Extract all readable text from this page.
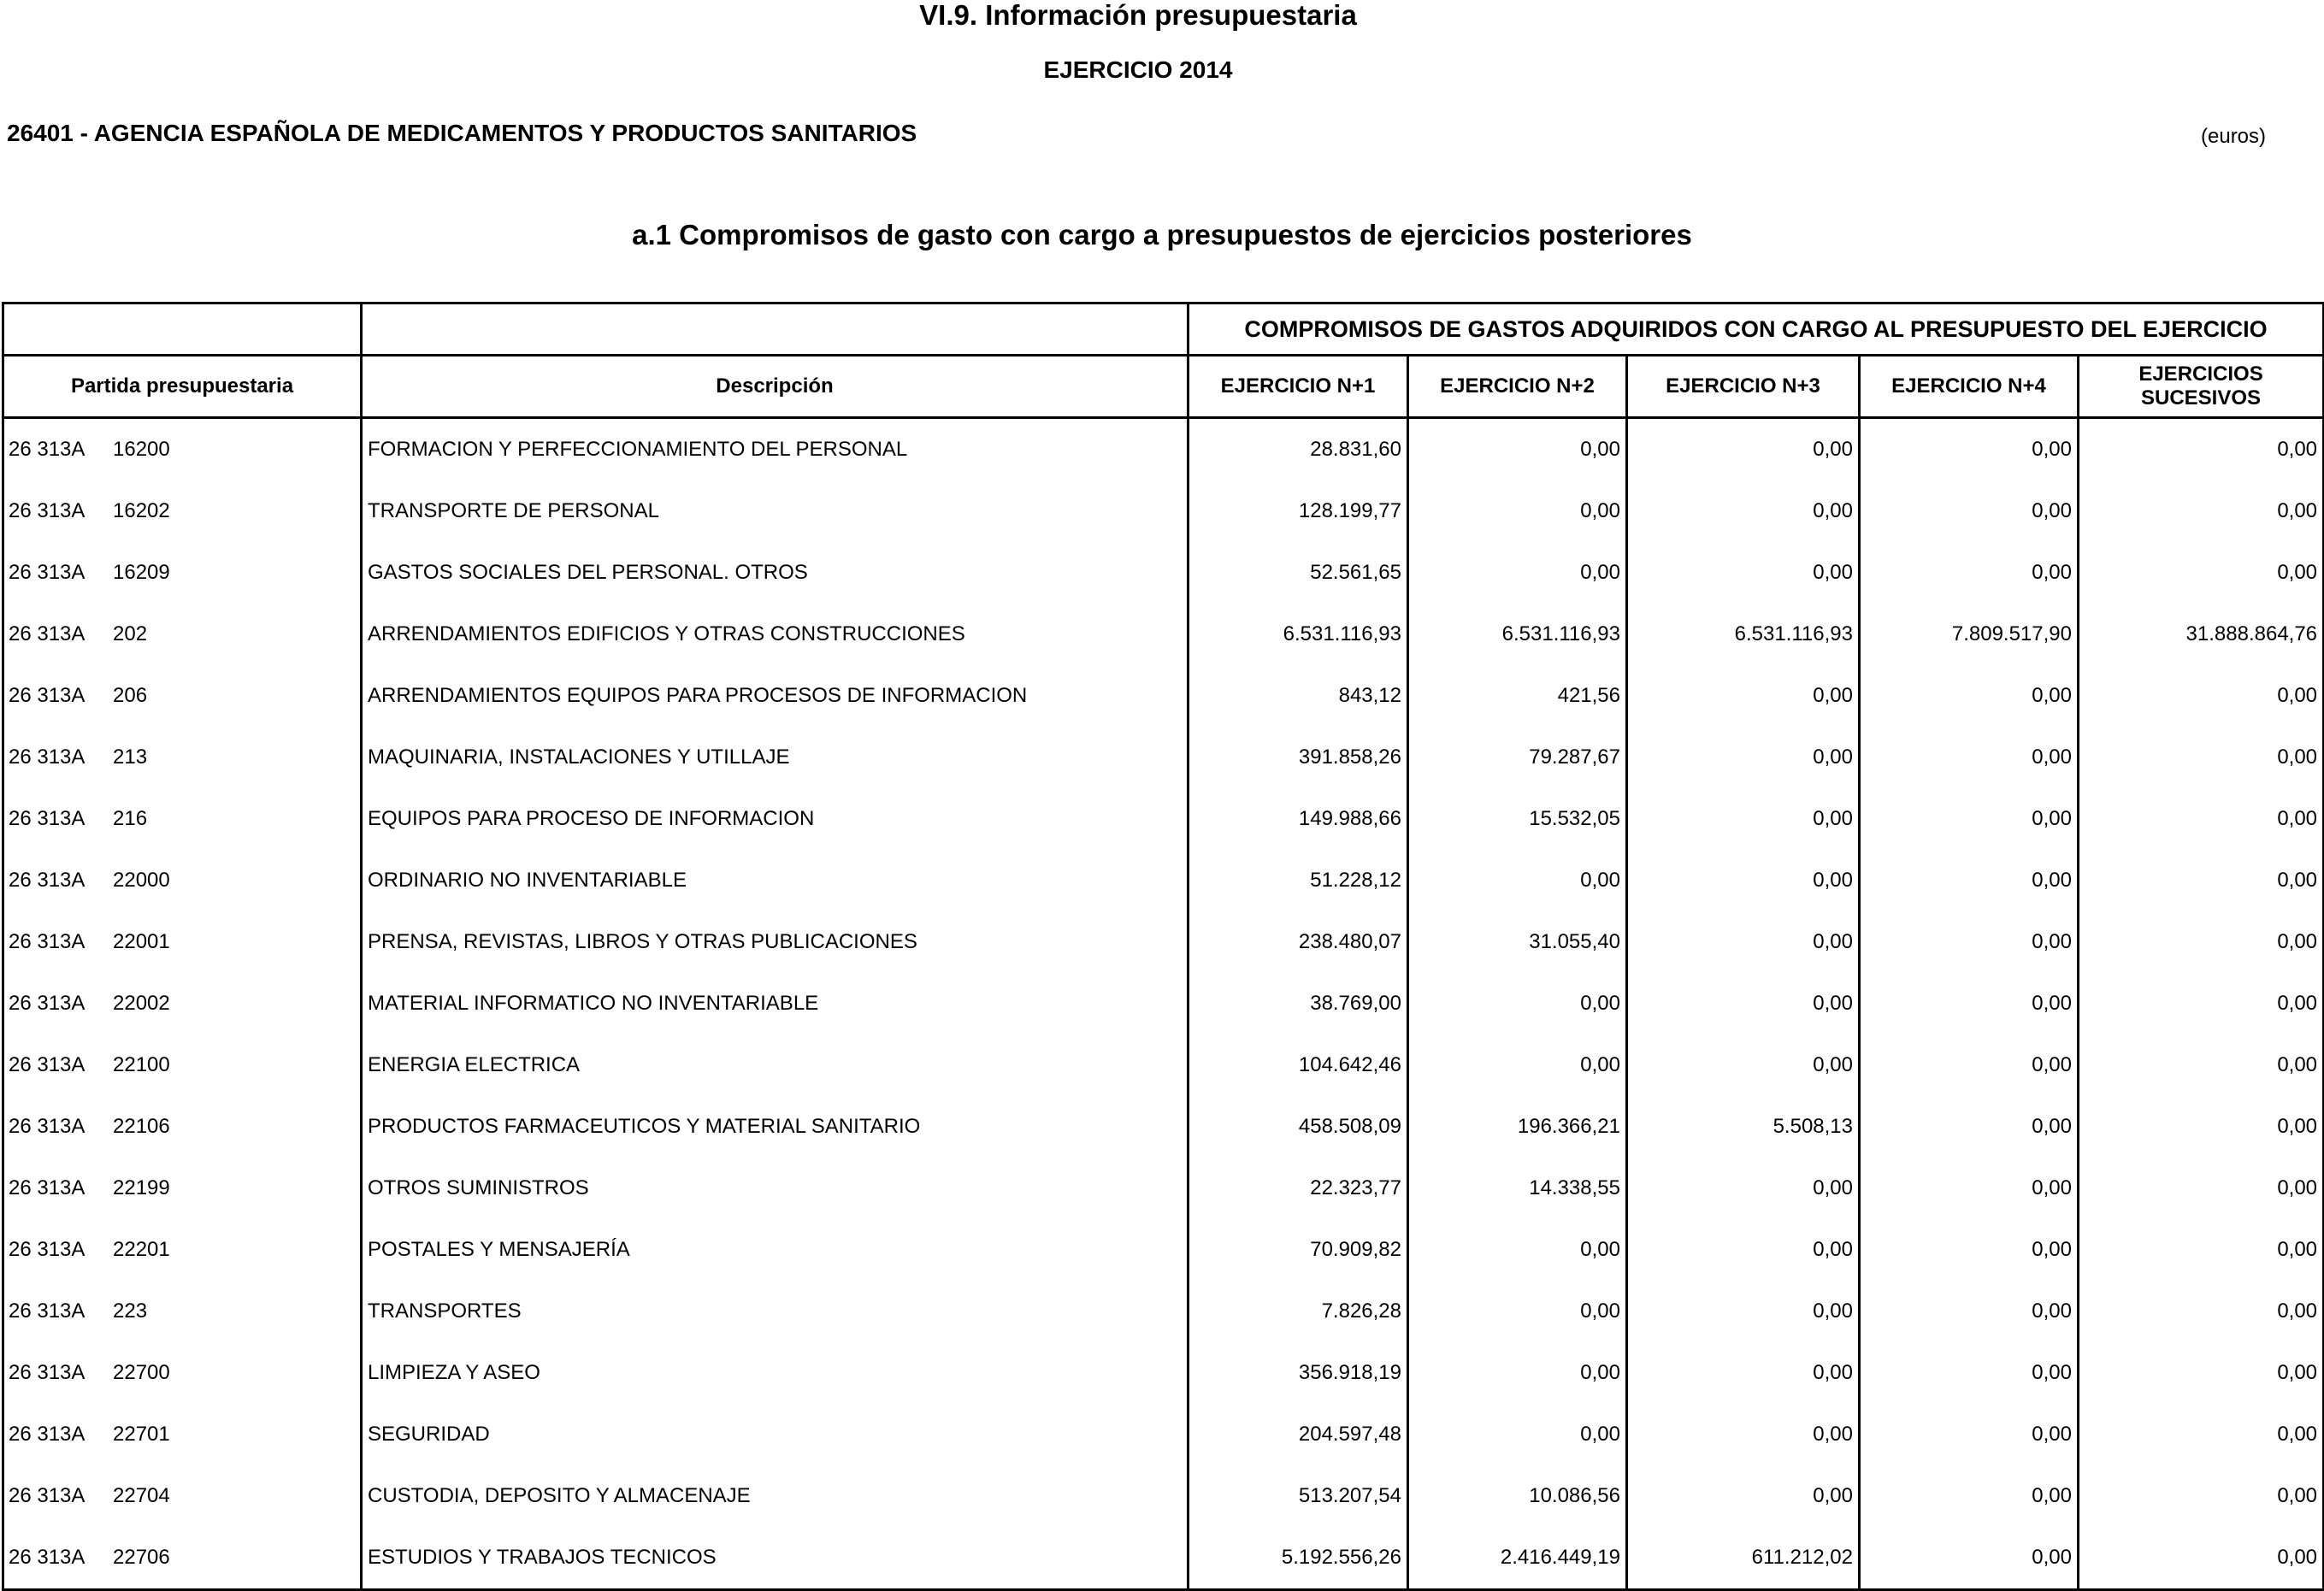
VI.9. Información presupuestaria
EJERCICIO 2014
26401 - AGENCIA ESPAÑOLA DE MEDICAMENTOS Y PRODUCTOS SANITARIOS	(euros)
a.1 Compromisos de gasto con cargo a presupuestos de ejercicios posteriores
		COMPROMISOS DE GASTOS ADQUIRIDOS CON CARGO AL PRESUPUESTO DEL EJERCICIO				
Partida presupuestaria	Descripción	EJERCICIO N+1	EJERCICIO N+2	EJERCICIO N+3	EJERCICIO N+4	EJERCICIOS SUCESIVOS
26 313A 16200	FORMACION Y PERFECCIONAMIENTO DEL PERSONAL	28.831,60	0,00	0,00	0,00	0,00
26 313A 16202	TRANSPORTE DE PERSONAL	128.199,77	0,00	0,00	0,00	0,00
26 313A 16209	GASTOS SOCIALES DEL PERSONAL. OTROS	52.561,65	0,00	0,00	0,00	0,00
26 313A 202	ARRENDAMIENTOS EDIFICIOS Y OTRAS CONSTRUCCIONES	6.531.116,93	6.531.116,93	6.531.116,93	7.809.517,90	31.888.864,76
26 313A 206	ARRENDAMIENTOS EQUIPOS PARA PROCESOS DE INFORMACION	843,12	421,56	0,00	0,00	0,00
26 313A 213	MAQUINARIA, INSTALACIONES Y UTILLAJE	391.858,26	79.287,67	0,00	0,00	0,00
26 313A 216	EQUIPOS PARA PROCESO DE INFORMACION	149.988,66	15.532,05	0,00	0,00	0,00
26 313A 22000	ORDINARIO NO INVENTARIABLE	51.228,12	0,00	0,00	0,00	0,00
26 313A 22001	PRENSA, REVISTAS, LIBROS Y OTRAS PUBLICACIONES	238.480,07	31.055,40	0,00	0,00	0,00
26 313A 22002	MATERIAL INFORMATICO NO INVENTARIABLE	38.769,00	0,00	0,00	0,00	0,00
26 313A 22100	ENERGIA ELECTRICA	104.642,46	0,00	0,00	0,00	0,00
26 313A 22106	PRODUCTOS FARMACEUTICOS Y MATERIAL SANITARIO	458.508,09	196.366,21	5.508,13	0,00	0,00
26 313A 22199	OTROS SUMINISTROS	22.323,77	14.338,55	0,00	0,00	0,00
26 313A 22201	POSTALES Y MENSAJERÍA	70.909,82	0,00	0,00	0,00	0,00
26 313A 223	TRANSPORTES	7.826,28	0,00	0,00	0,00	0,00
26 313A 22700	LIMPIEZA Y ASEO	356.918,19	0,00	0,00	0,00	0,00
26 313A 22701	SEGURIDAD	204.597,48	0,00	0,00	0,00	0,00
26 313A 22704	CUSTODIA, DEPOSITO Y ALMACENAJE	513.207,54	10.086,56	0,00	0,00	0,00
26 313A 22706	ESTUDIOS Y TRABAJOS TECNICOS	5.192.556,26	2.416.449,19	611.212,02	0,00	0,00
